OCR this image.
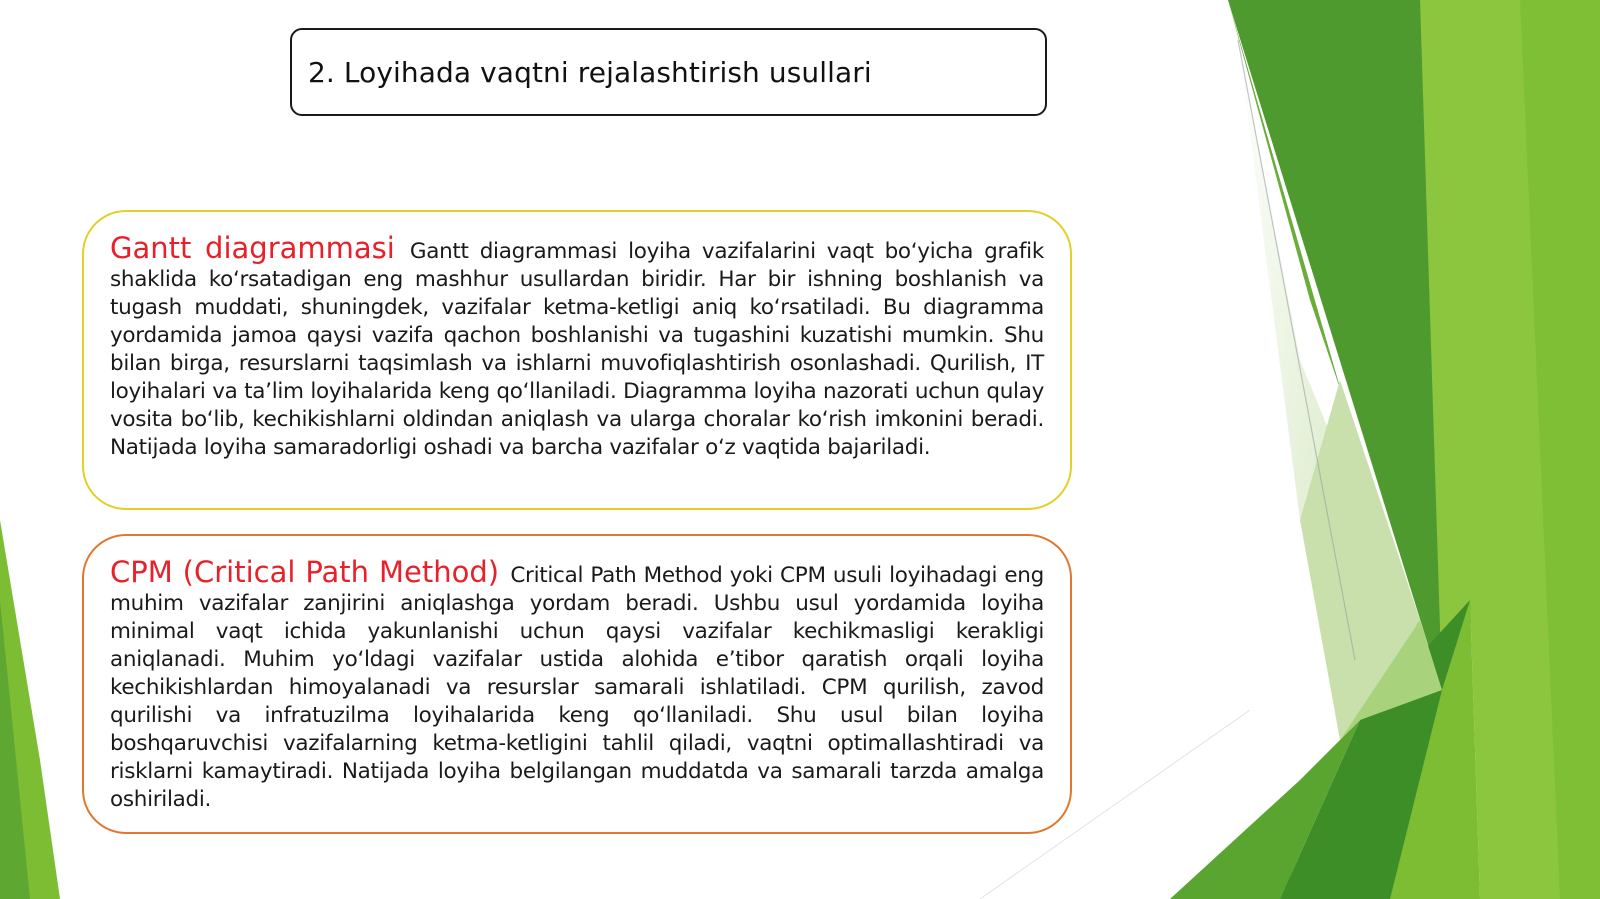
2. Loyihada vaqtni rejalashtirish usullari

Gantt diagrammasi Gantt diagrammasi loyiha vazifalarini vaqt bo‘yicha grafik shaklida ko‘rsatadigan eng mashhur usullardan biridir. Har bir ishning boshlanish va tugash muddati, shuningdek, vazifalar ketma-ketligi aniq ko‘rsatiladi. Bu diagramma yordamida jamoa qaysi vazifa qachon boshlanishi va tugashini kuzatishi mumkin. Shu bilan birga, resurslarni taqsimlash va ishlarni muvofiqlashtirish osonlashadi. Qurilish, IT loyihalari va ta’lim loyihalarida keng qo‘llaniladi. Diagramma loyiha nazorati uchun qulay vosita bo‘lib, kechikishlarni oldindan aniqlash va ularga choralar ko‘rish imkonini beradi. Natijada loyiha samaradorligi oshadi va barcha vazifalar o‘z vaqtida bajariladi.

CPM (Critical Path Method) Critical Path Method yoki CPM usuli loyihadagi eng muhim vazifalar zanjirini aniqlashga yordam beradi. Ushbu usul yordamida loyiha minimal vaqt ichida yakunlanishi uchun qaysi vazifalar kechikmasligi kerakligi aniqlanadi. Muhim yo‘ldagi vazifalar ustida alohida e’tibor qaratish orqali loyiha kechikishlardan himoyalanadi va resurslar samarali ishlatiladi. CPM qurilish, zavod qurilishi va infratuzilma loyihalarida keng qo‘llaniladi. Shu usul bilan loyiha boshqaruvchisi vazifalarning ketma-ketligini tahlil qiladi, vaqtni optimallashtiradi va risklarni kamaytiradi. Natijada loyiha belgilangan muddatda va samarali tarzda amalga oshiriladi.
